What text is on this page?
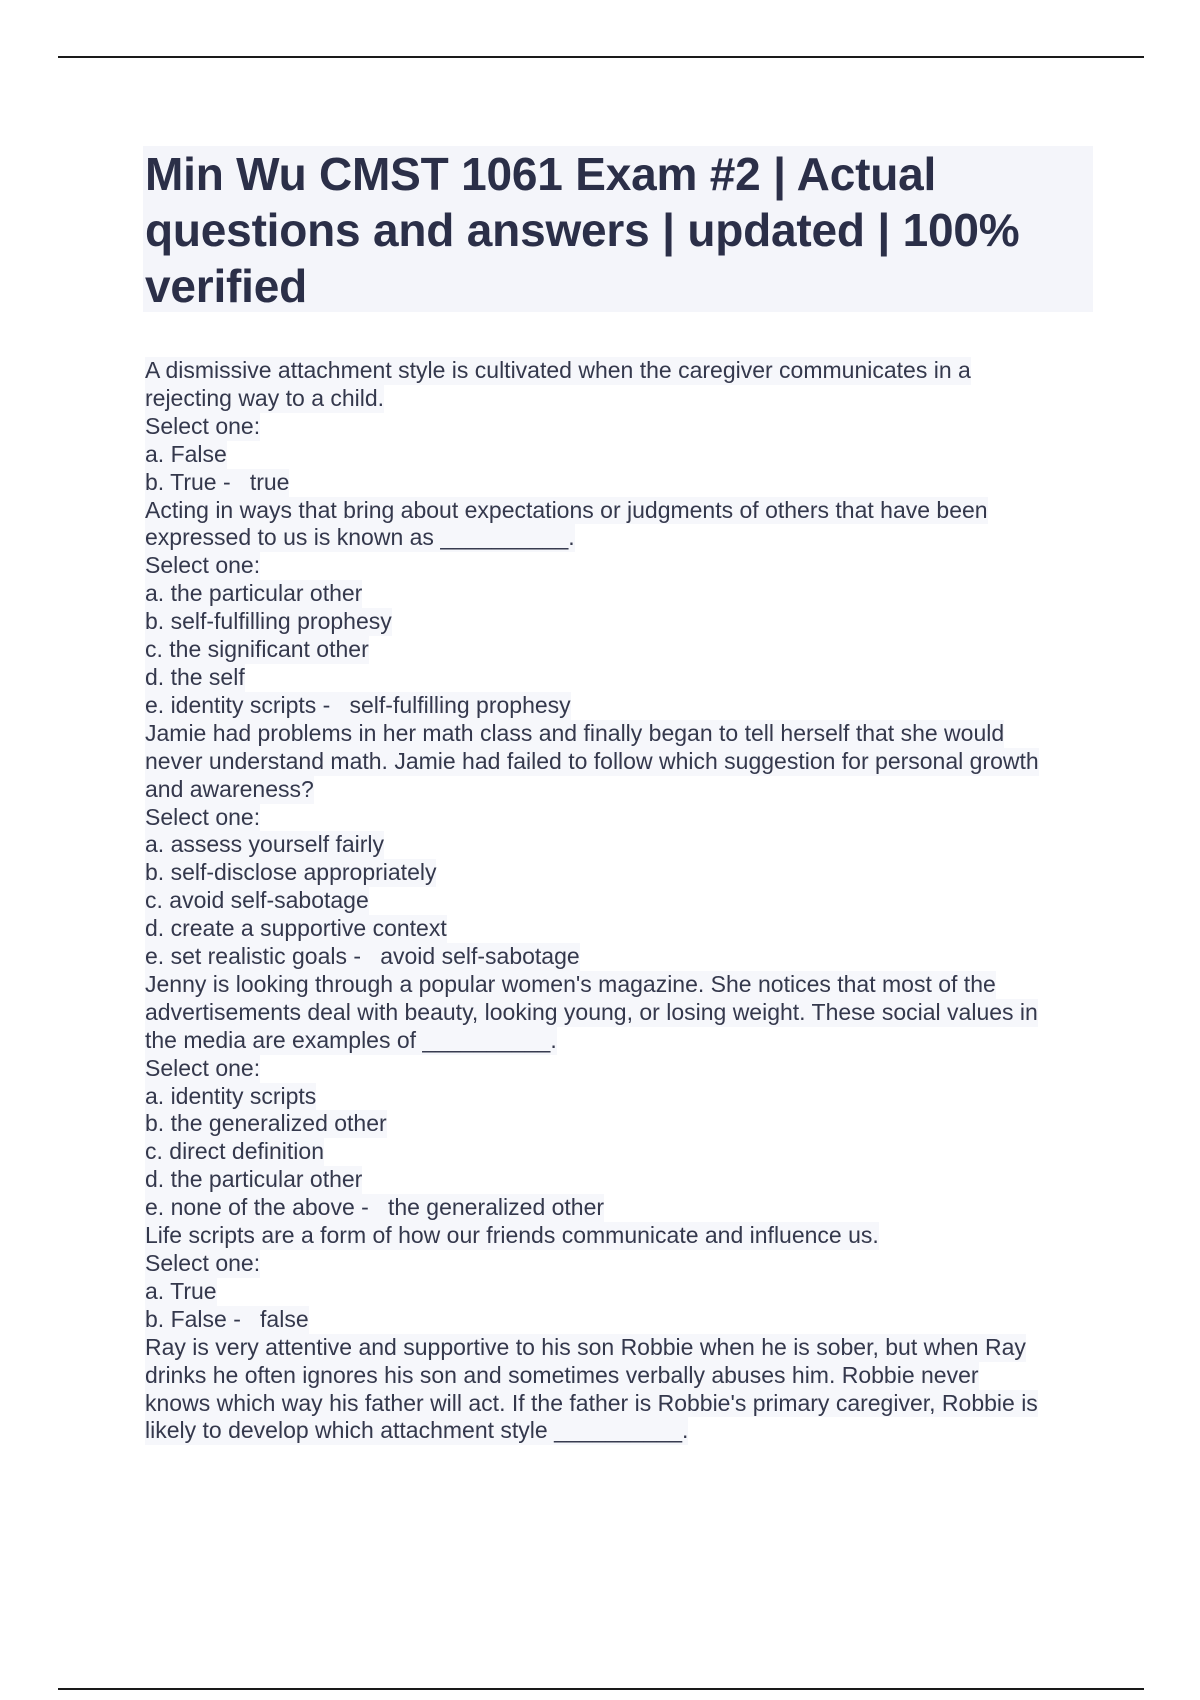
Min Wu CMST 1061 Exam #2 | Actual questions and answers | updated | 100% verified
A dismissive attachment style is cultivated when the caregiver communicates in a
rejecting way to a child.
Select one:
a. False
b. True -   true
Acting in ways that bring about expectations or judgments of others that have been
expressed to us is known as __________.
Select one:
a. the particular other
b. self-fulfilling prophesy
c. the significant other
d. the self
e. identity scripts -   self-fulfilling prophesy
Jamie had problems in her math class and finally began to tell herself that she would
never understand math. Jamie had failed to follow which suggestion for personal growth
and awareness?
Select one:
a. assess yourself fairly
b. self-disclose appropriately
c. avoid self-sabotage
d. create a supportive context
e. set realistic goals -   avoid self-sabotage
Jenny is looking through a popular women's magazine. She notices that most of the
advertisements deal with beauty, looking young, or losing weight. These social values in
the media are examples of __________.
Select one:
a. identity scripts
b. the generalized other
c. direct definition
d. the particular other
e. none of the above -   the generalized other
Life scripts are a form of how our friends communicate and influence us.
Select one:
a. True
b. False -   false
Ray is very attentive and supportive to his son Robbie when he is sober, but when Ray
drinks he often ignores his son and sometimes verbally abuses him. Robbie never
knows which way his father will act. If the father is Robbie's primary caregiver, Robbie is
likely to develop which attachment style __________.
